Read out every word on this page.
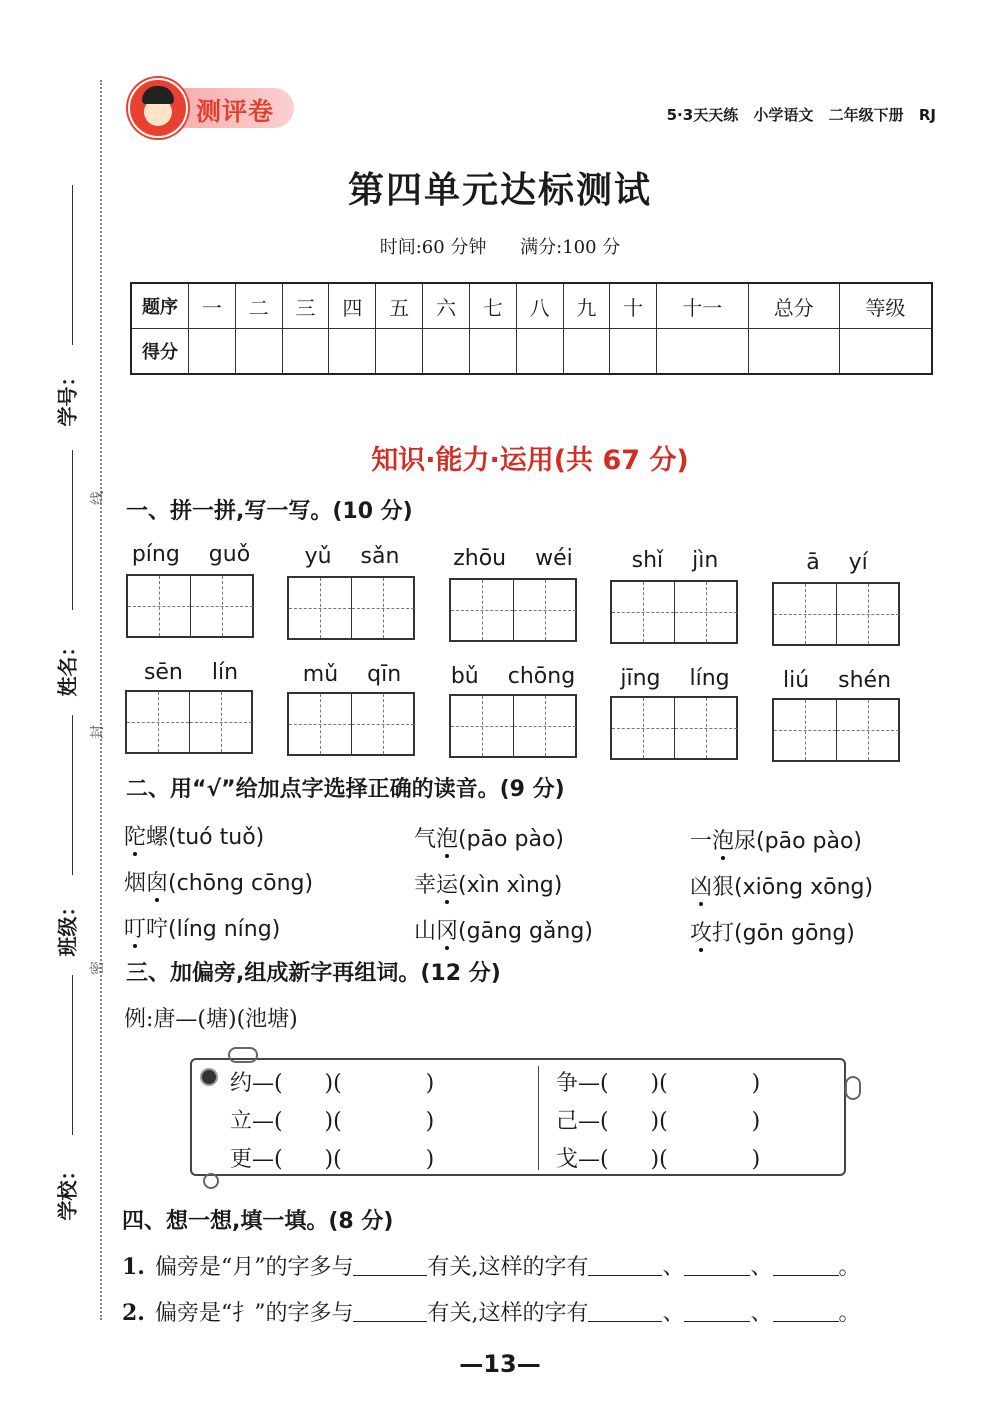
学号：
姓名：
班级：
学校：
线
封
密
测评卷	5·3天天练 小学语文 二年级下册 RJ
第四单元达标测试
时间:60 分钟 满分:100 分
题序	一	二	三	四	五	六	七	八	九	十	十一	总分	等级
得分													
知识·能力·运用(共 67 分)
一、拼一拼,写一写。(10 分)
píng guǒ	yǔ sǎn	zhōu wéi	shǐ jìn	ā yí
sēn lín	mǔ qīn	bǔ chōng	jīng líng	liú shén
二、用“√”给加点字选择正确的读音。(9 分)
陀螺(tuó tuǒ)	气泡(pāo pào)	一泡尿(pāo pào)
烟囱(chōng cōng)	幸运(xìn xìng)	凶狠(xiōng xōng)
叮咛(líng níng)	山冈(gāng gǎng)	攻打(gōn gōng)
三、加偏旁,组成新字再组词。(12 分)
例:唐—(塘)(池塘)
约—(      )(            )
立—(      )(            )
更—(      )(            )
争—(      )(            )
己—(      )(            )
戈—(      )(            )
四、想一想,填一填。(8 分)
1. 偏旁是“月”的字多与	有关,这样的字有	、	、	。
2. 偏旁是“扌”的字多与	有关,这样的字有	、	、	。
—13—
